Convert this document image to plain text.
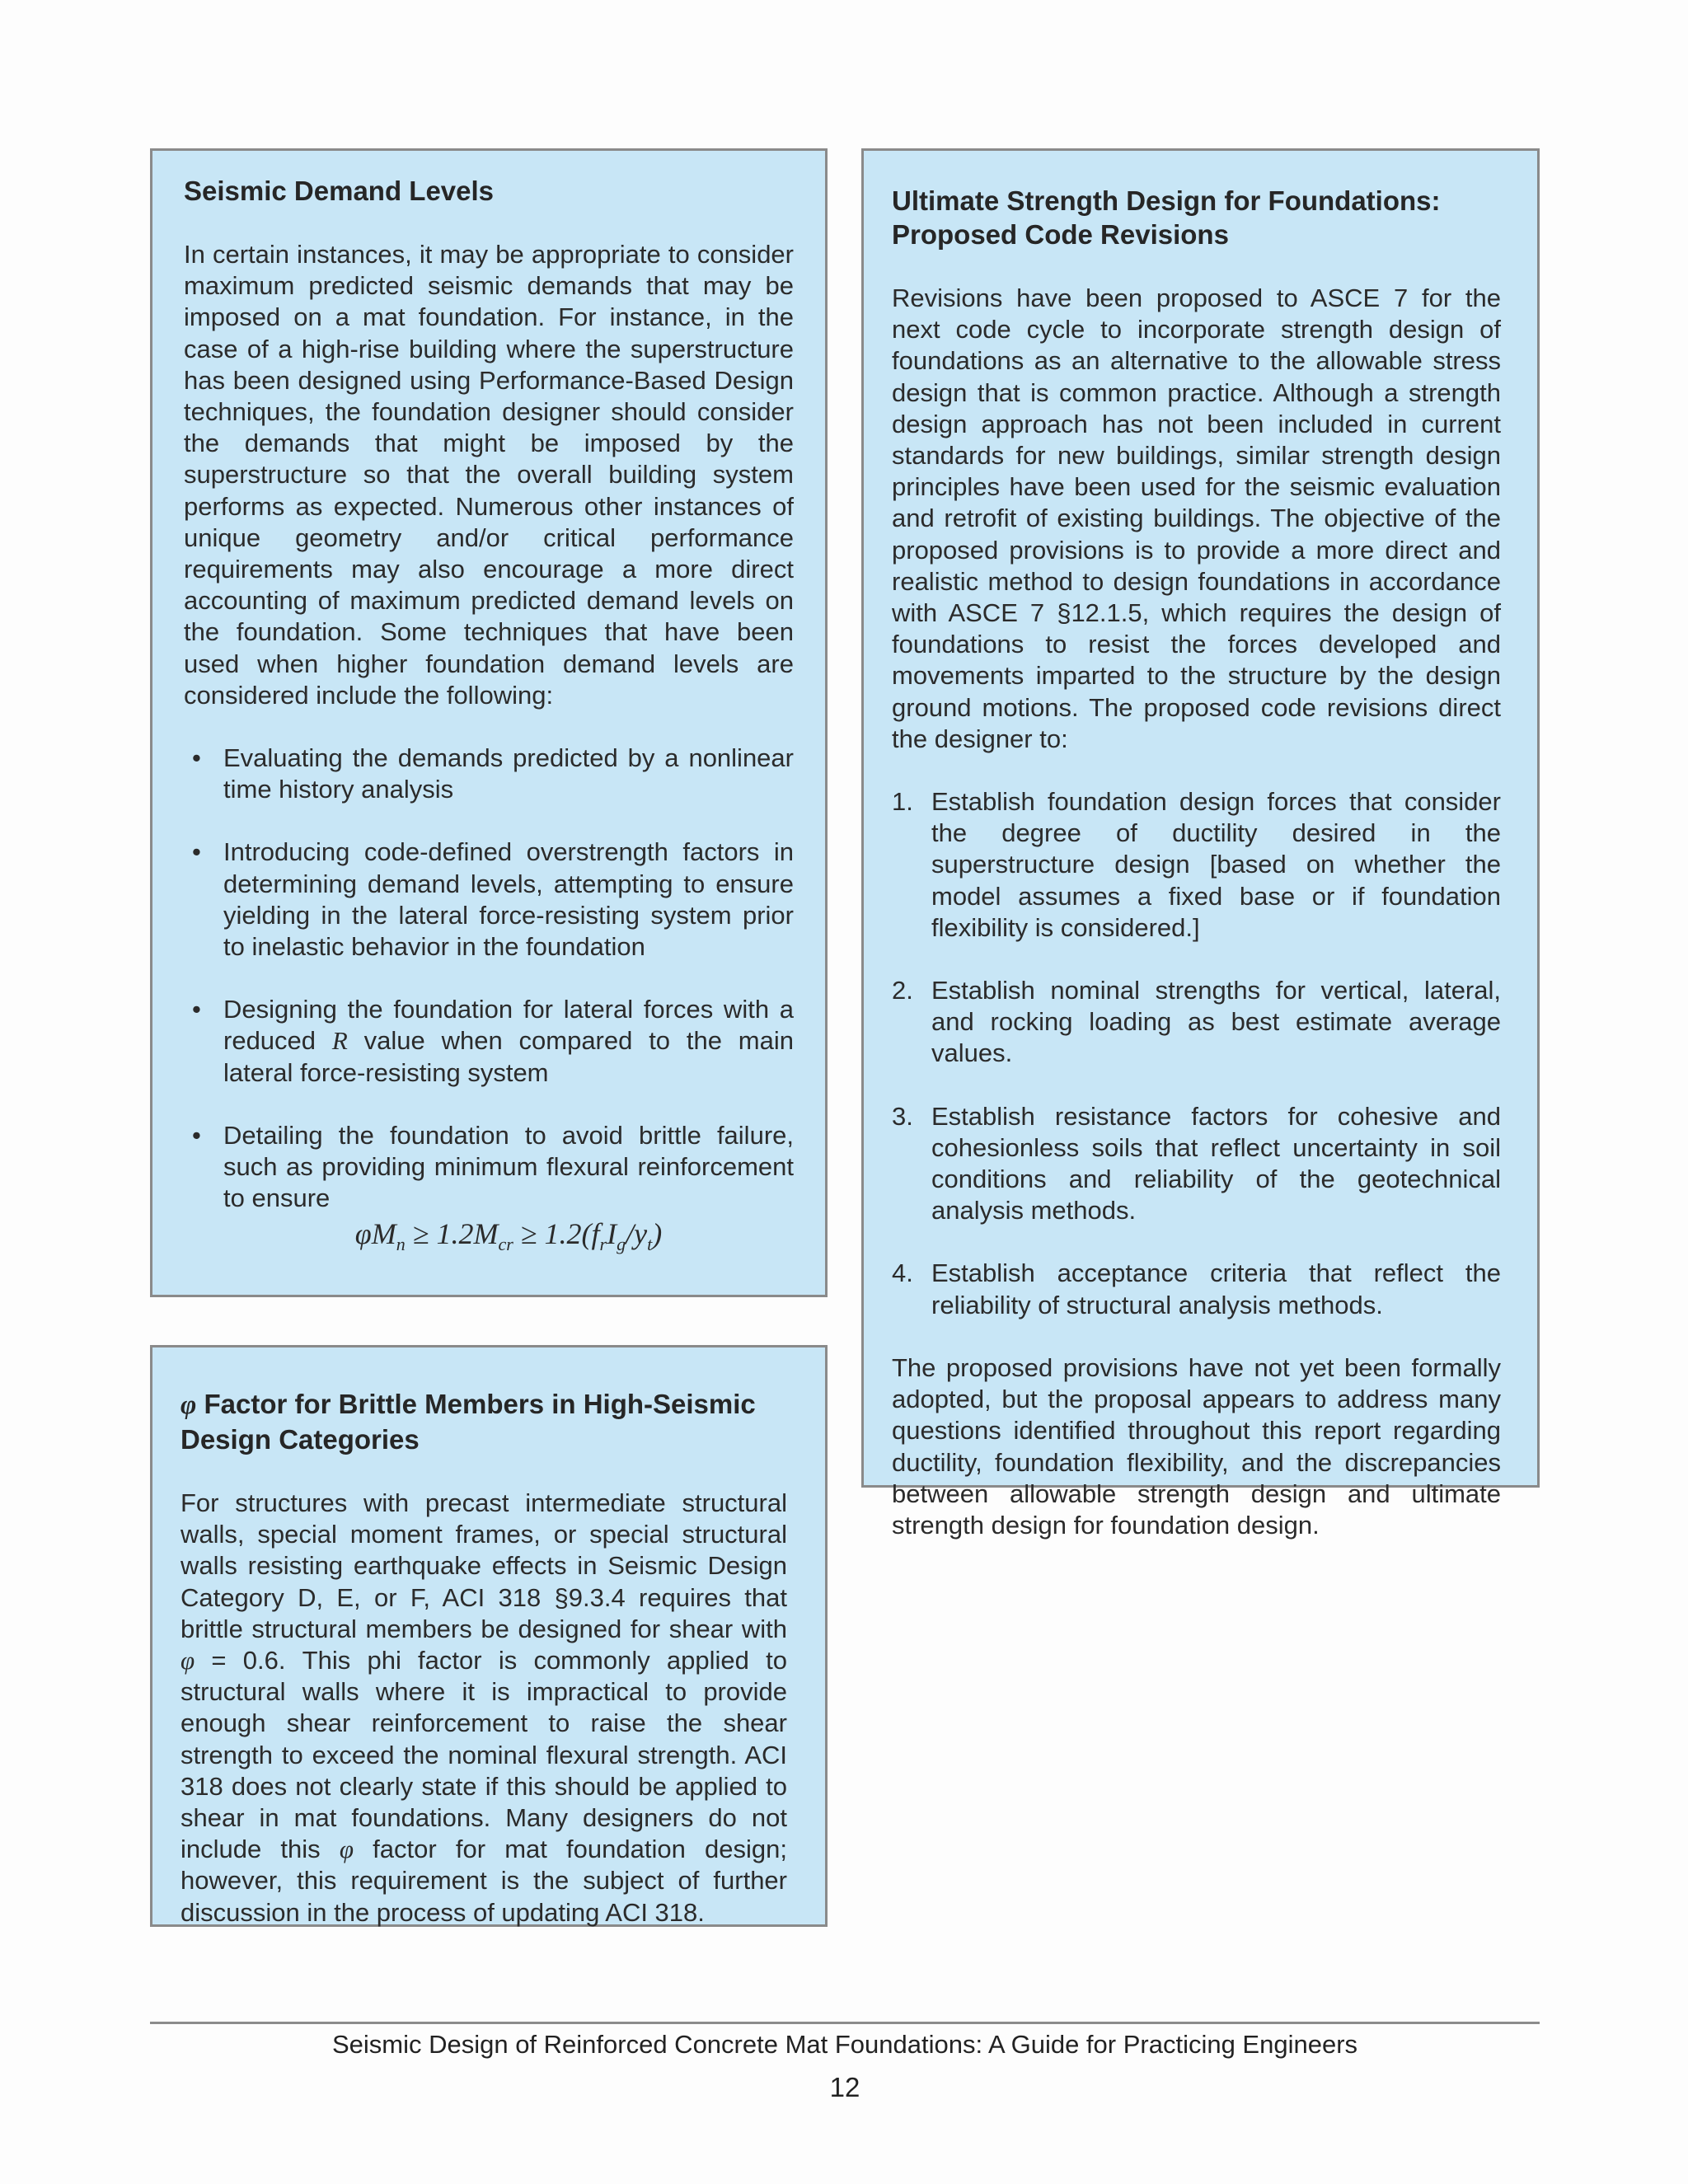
Seismic Demand Levels

In certain instances, it may be appropriate to consider maximum predicted seismic demands that may be imposed on a mat foundation. For instance, in the case of a high-rise building where the superstructure has been designed using Performance-Based Design techniques, the foundation designer should consider the demands that might be imposed by the superstructure so that the overall building system performs as expected. Numerous other instances of unique geometry and/or critical performance requirements may also encourage a more direct accounting of maximum predicted demand levels on the foundation. Some techniques that have been used when higher foundation demand levels are considered include the following:

• Evaluating the demands predicted by a nonlinear time history analysis
• Introducing code-defined overstrength factors in determining demand levels, attempting to ensure yielding in the lateral force-resisting system prior to inelastic behavior in the foundation
• Designing the foundation for lateral forces with a reduced R value when compared to the main lateral force-resisting system
• Detailing the foundation to avoid brittle failure, such as providing minimum flexural reinforcement to ensure
$\varphi M_n \ge 1.2M_{cr} \ge 1.2(f_rI_g/y_t)$
φ Factor for Brittle Members in High-Seismic Design Categories

For structures with precast intermediate structural walls, special moment frames, or special structural walls resisting earthquake effects in Seismic Design Category D, E, or F, ACI 318 §9.3.4 requires that brittle structural members be designed for shear with φ = 0.6. This phi factor is commonly applied to structural walls where it is impractical to provide enough shear reinforcement to raise the shear strength to exceed the nominal flexural strength. ACI 318 does not clearly state if this should be applied to shear in mat foundations. Many designers do not include this φ factor for mat foundation design; however, this requirement is the subject of further discussion in the process of updating ACI 318.

Ultimate Strength Design for Foundations:
Proposed Code Revisions

Revisions have been proposed to ASCE 7 for the next code cycle to incorporate strength design of foundations as an alternative to the allowable stress design that is common practice. Although a strength design approach has not been included in current standards for new buildings, similar strength design principles have been used for the seismic evaluation and retrofit of existing buildings. The objective of the proposed provisions is to provide a more direct and realistic method to design foundations in accordance with ASCE 7 §12.1.5, which requires the design of foundations to resist the forces developed and movements imparted to the structure by the design ground motions. The proposed code revisions direct the designer to:

1. Establish foundation design forces that consider the degree of ductility desired in the superstructure design [based on whether the model assumes a fixed base or if foundation flexibility is considered.]
2. Establish nominal strengths for vertical, lateral, and rocking loading as best estimate average values.
3. Establish resistance factors for cohesive and cohesionless soils that reflect uncertainty in soil conditions and reliability of the geotechnical analysis methods.
4. Establish acceptance criteria that reflect the reliability of structural analysis methods.

The proposed provisions have not yet been formally adopted, but the proposal appears to address many questions identified throughout this report regarding ductility, foundation flexibility, and the discrepancies between allowable strength design and ultimate strength design for foundation design.

Seismic Design of Reinforced Concrete Mat Foundations: A Guide for Practicing Engineers
12
